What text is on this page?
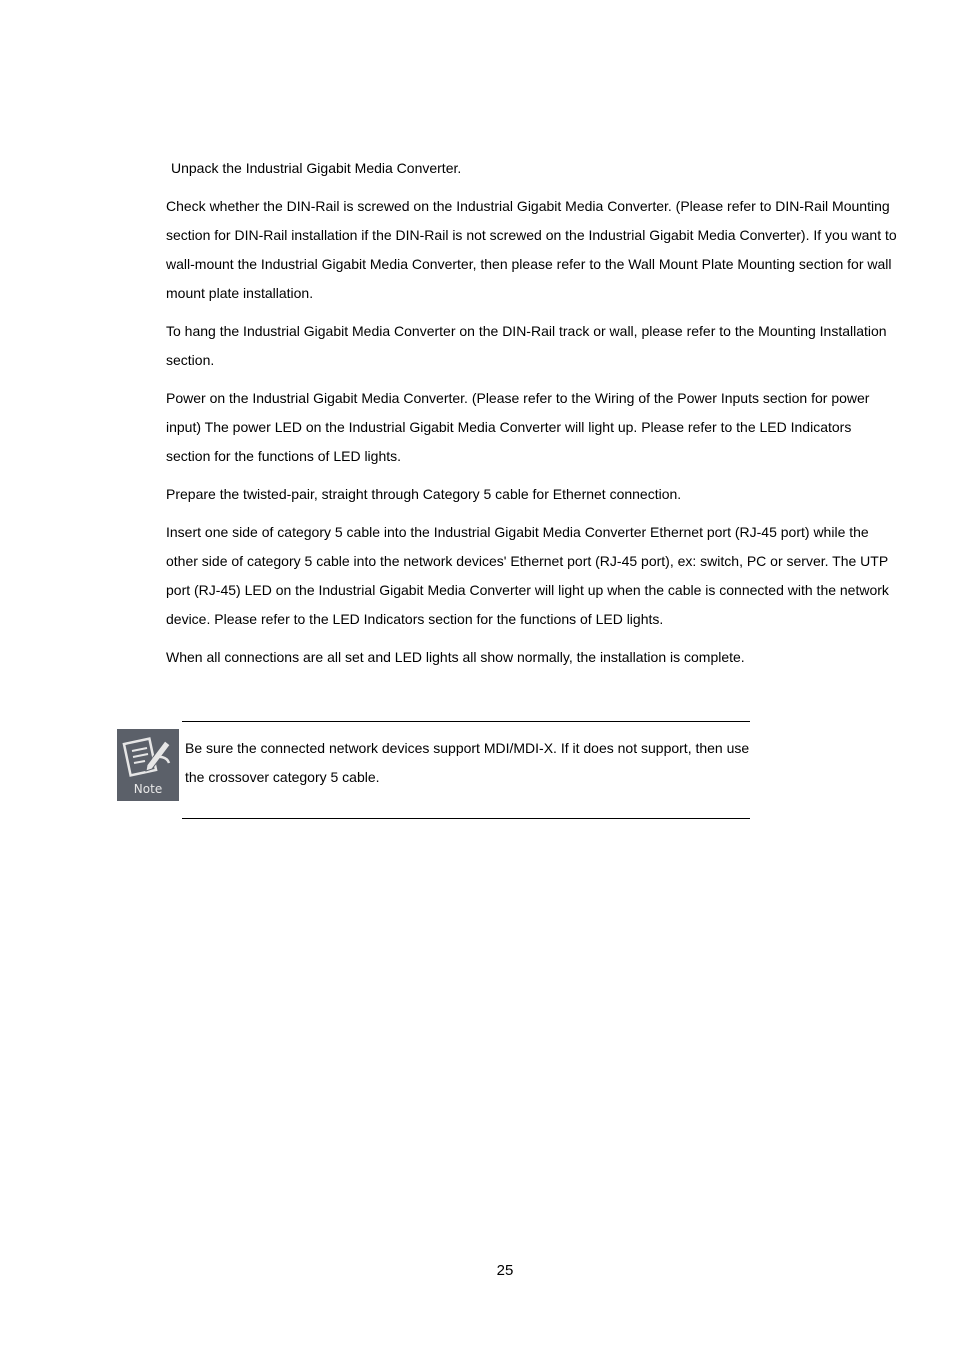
Unpack the Industrial Gigabit Media Converter.

Check whether the DIN-Rail is screwed on the Industrial Gigabit Media Converter. (Please refer to DIN-Rail Mounting section for DIN-Rail installation if the DIN-Rail is not screwed on the Industrial Gigabit Media Converter). If you want to wall-mount the Industrial Gigabit Media Converter, then please refer to the Wall Mount Plate Mounting section for wall mount plate installation.

To hang the Industrial Gigabit Media Converter on the DIN-Rail track or wall, please refer to the Mounting Installation section.

Power on the Industrial Gigabit Media Converter. (Please refer to the Wiring of the Power Inputs section for power input) The power LED on the Industrial Gigabit Media Converter will light up. Please refer to the LED Indicators section for the functions of LED lights.

Prepare the twisted-pair, straight through Category 5 cable for Ethernet connection.

Insert one side of category 5 cable into the Industrial Gigabit Media Converter Ethernet port (RJ-45 port) while the other side of category 5 cable into the network devices' Ethernet port (RJ-45 port), ex: switch, PC or server. The UTP port (RJ-45) LED on the Industrial Gigabit Media Converter will light up when the cable is connected with the network device. Please refer to the LED Indicators section for the functions of LED lights.

When all connections are all set and LED lights all show normally, the installation is complete.

Note

Be sure the connected network devices support MDI/MDI-X. If it does not support, then use the crossover category 5 cable.

25
